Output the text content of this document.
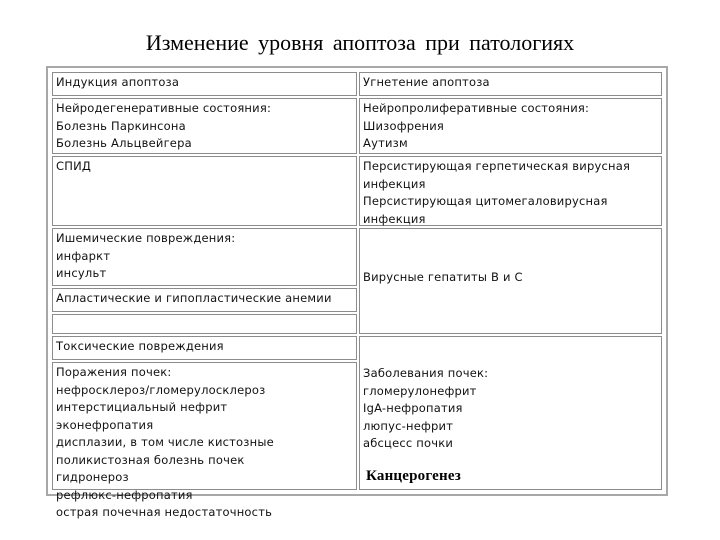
Изменение уровня апоптоза при патологиях
Индукция апоптоза
Нейродегенеративные состояния:
Болезнь Паркинсона
Болезнь Альцвейгера
СПИД
Ишемические повреждения:
инфаркт
инсульт
Апластические и гипопластические анемии
Токсические повреждения
Поражения почек:
нефросклероз/гломерулосклероз
интерстициальный нефрит
эконефропатия
дисплазии, в том числе кистозные
поликистозная болезнь почек
гидронероз
рефлюкс-нефропатия
острая почечная недостаточность
Угнетение апоптоза
Нейропролиферативные состояния:
Шизофрения
Аутизм
Персистирующая герпетическая вирусная
инфекция
Персистирующая цитомегаловирусная
инфекция
Вирусные гепатиты В и С
Заболевания почек:
гломерулонефрит
IgA-нефропатия
люпус-нефрит
абсцесс почки
Канцерогенез
